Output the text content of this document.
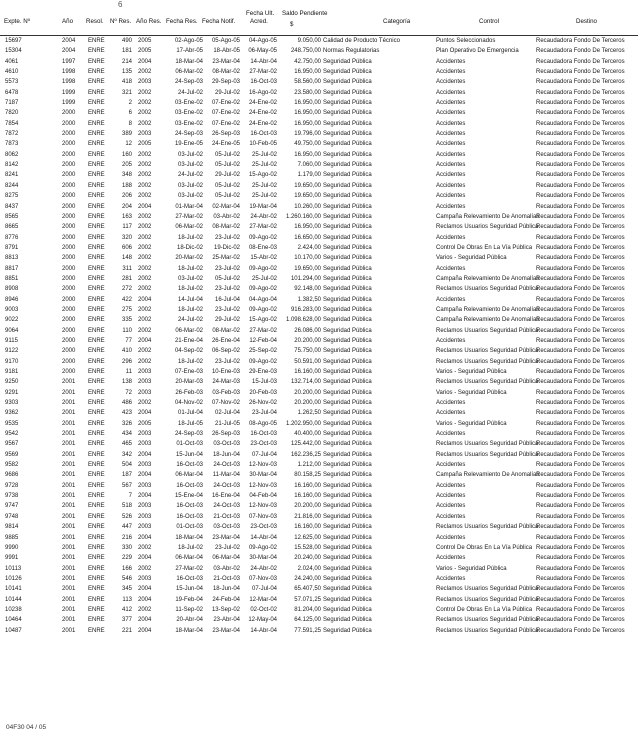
6
Expte. Nº	Año Resol. Nº Res. Año Res. Fecha Res. Fecha Notif.
Fecha Ult.
Acred.
Saldo Pendiente
$	Categoría	Control	Destino
15697	2004	ENRE	490 2005	02-Ago-05	05-Ago-05	04-Ago-05	9.050,00 Calidad de Producto Técnico	Puntos Seleccionados	Recaudadora Fondo De Terceros
15304	2004	ENRE	181 2005	17-Abr-05	18-Abr-05	06-May-05	248.750,00 Normas Regulatorias	Plan Operativo De Emergencia	Recaudadora Fondo De Terceros
4061	1997	ENRE	214 2004	18-Mar-04	23-Mar-04	14-Abr-04	42.750,00 Seguridad Pública	Accidentes	Recaudadora Fondo De Terceros
4610	1998	ENRE	135 2002	06-Mar-02	08-Mar-02	27-Mar-02	16.950,00 Seguridad Pública	Accidentes	Recaudadora Fondo De Terceros
5573	1998	ENRE	418 2003	24-Sep-03	29-Sep-03	16-Oct-03	58.560,00 Seguridad Pública	Accidentes	Recaudadora Fondo De Terceros
6478	1999	ENRE	321 2002	24-Jul-02	29-Jul-02	16-Ago-02	23.580,00 Seguridad Pública	Accidentes	Recaudadora Fondo De Terceros
7187	1999	ENRE	2 2002	03-Ene-02	07-Ene-02	24-Ene-02	16.950,00 Seguridad Pública	Accidentes	Recaudadora Fondo De Terceros
7820	2000	ENRE	6 2002	03-Ene-02	07-Ene-02	24-Ene-02	16.950,00 Seguridad Pública	Accidentes	Recaudadora Fondo De Terceros
7854	2000	ENRE	8 2002	03-Ene-02	07-Ene-02	24-Ene-02	16.950,00 Seguridad Pública	Accidentes	Recaudadora Fondo De Terceros
7872	2000	ENRE	389 2003	24-Sep-03	26-Sep-03	16-Oct-03	19.796,00 Seguridad Pública	Accidentes	Recaudadora Fondo De Terceros
7873	2000	ENRE	12 2005	19-Ene-05	24-Ene-05	10-Feb-05	49.750,00 Seguridad Pública	Accidentes	Recaudadora Fondo De Terceros
8062	2000	ENRE	160 2002	03-Jul-02	05-Jul-02	25-Jul-02	16.950,00 Seguridad Pública	Accidentes	Recaudadora Fondo De Terceros
8142	2000	ENRE	205 2002	03-Jul-02	05-Jul-02	25-Jul-02	7.060,00 Seguridad Pública	Accidentes	Recaudadora Fondo De Terceros
8241	2000	ENRE	348 2002	24-Jul-02	29-Jul-02	15-Ago-02	1.179,00 Seguridad Pública	Accidentes	Recaudadora Fondo De Terceros
8244	2000	ENRE	188 2002	03-Jul-02	05-Jul-02	25-Jul-02	19.650,00 Seguridad Pública	Accidentes	Recaudadora Fondo De Terceros
8275	2000	ENRE	206 2002	03-Jul-02	05-Jul-02	25-Jul-02	19.650,00 Seguridad Pública	Accidentes	Recaudadora Fondo De Terceros
8437	2000	ENRE	204 2004	01-Mar-04	02-Mar-04	19-Mar-04	10.260,00 Seguridad Pública	Accidentes	Recaudadora Fondo De Terceros
8565	2000	ENRE	163 2002	27-Mar-02	03-Abr-02	24-Abr-02	1.260.160,00 Seguridad Pública	Campaña Relevamiento De Anomalías
Recaudadora Fondo De Terceros
8665	2000	ENRE	117 2002	06-Mar-02	08-Mar-02	27-Mar-02	16.950,00 Seguridad Pública	Reclamos Usuarios Seguridad Pública
Recaudadora Fondo De Terceros
8776	2000	ENRE	320 2002	18-Jul-02	23-Jul-02	09-Ago-02	16.650,00 Seguridad Pública	Accidentes	Recaudadora Fondo De Terceros
8791	2000	ENRE	606 2002	18-Dic-02	19-Dic-02	08-Ene-03	2.424,00 Seguridad Pública	Control De Obras En La Vía Pública Recaudadora Fondo De Terceros
8813	2000	ENRE	148 2002	20-Mar-02	25-Mar-02	15-Abr-02	10.170,00 Seguridad Pública	Varios - Seguridad Pública	Recaudadora Fondo De Terceros
8817	2000	ENRE	311 2002	18-Jul-02	23-Jul-02	09-Ago-02	19.650,00 Seguridad Pública	Accidentes	Recaudadora Fondo De Terceros
8851	2000	ENRE	281 2002	03-Jul-02	05-Jul-02	25-Jul-02	101.294,00 Seguridad Pública	Campaña Relevamiento De Anomalías
Recaudadora Fondo De Terceros
8908	2000	ENRE	272 2002	18-Jul-02	23-Jul-02	09-Ago-02	92.148,00 Seguridad Pública	Reclamos Usuarios Seguridad Pública
Recaudadora Fondo De Terceros
8946	2000	ENRE	422 2004	14-Jul-04	16-Jul-04	04-Ago-04	1.382,50 Seguridad Pública	Accidentes	Recaudadora Fondo De Terceros
9003	2000	ENRE	275 2002	18-Jul-02	23-Jul-02	09-Ago-02	916.283,00 Seguridad Pública	Campaña Relevamiento De Anomalías
Recaudadora Fondo De Terceros
9022	2000	ENRE	335 2002	24-Jul-02	29-Jul-02	15-Ago-02	1.098.628,00 Seguridad Pública	Campaña Relevamiento De Anomalías
Recaudadora Fondo De Terceros
9064	2000	ENRE	110 2002	06-Mar-02	08-Mar-02	27-Mar-02	26.086,00 Seguridad Pública	Reclamos Usuarios Seguridad Pública
Recaudadora Fondo De Terceros
9115	2000	ENRE	77 2004	21-Ene-04	26-Ene-04	12-Feb-04	20.200,00 Seguridad Pública	Accidentes	Recaudadora Fondo De Terceros
9122	2000	ENRE	410 2002	04-Sep-02	06-Sep-02	25-Sep-02	75.750,00 Seguridad Pública	Reclamos Usuarios Seguridad Pública
Recaudadora Fondo De Terceros
9170	2000	ENRE	296 2002	18-Jul-02	23-Jul-02	09-Ago-02	50.591,00 Seguridad Pública	Reclamos Usuarios Seguridad Pública
Recaudadora Fondo De Terceros
9181	2000	ENRE	11 2003	07-Ene-03	10-Ene-03	29-Ene-03	16.160,00 Seguridad Pública	Varios - Seguridad Pública	Recaudadora Fondo De Terceros
9250	2001	ENRE	138 2003	20-Mar-03	24-Mar-03	15-Jul-03	132.714,00 Seguridad Pública	Reclamos Usuarios Seguridad Pública
Recaudadora Fondo De Terceros
9291	2001	ENRE	72 2003	26-Feb-03	03-Feb-03	20-Feb-03	20.200,00 Seguridad Pública	Varios - Seguridad Pública	Recaudadora Fondo De Terceros
9303	2001	ENRE	486 2002	04-Nov-02	07-Nov-02	26-Nov-02	20.200,00 Seguridad Pública	Accidentes	Recaudadora Fondo De Terceros
9362	2001	ENRE	423 2004	01-Jul-04	02-Jul-04	23-Jul-04	1.262,50 Seguridad Pública	Accidentes	Recaudadora Fondo De Terceros
9535	2001	ENRE	326 2005	18-Jul-05	21-Jul-05	08-Ago-05	1.202.950,00 Seguridad Pública	Varios - Seguridad Pública	Recaudadora Fondo De Terceros
9542	2001	ENRE	434 2003	24-Sep-03	26-Sep-03	16-Oct-03	40.400,00 Seguridad Pública	Accidentes	Recaudadora Fondo De Terceros
9567	2001	ENRE	465 2003	01-Oct-03	03-Oct-03	23-Oct-03	125.442,00 Seguridad Pública	Reclamos Usuarios Seguridad Pública
Recaudadora Fondo De Terceros
9569	2001	ENRE	342 2004	15-Jun-04	18-Jun-04	07-Jul-04	162.236,25 Seguridad Pública	Reclamos Usuarios Seguridad Pública
Recaudadora Fondo De Terceros
9582	2001	ENRE	504 2003	16-Oct-03	24-Oct-03	12-Nov-03	1.212,00 Seguridad Pública	Accidentes	Recaudadora Fondo De Terceros
9686	2001	ENRE	187 2004	06-Mar-04	11-Mar-04	30-Mar-04	80.158,25 Seguridad Pública	Campaña Relevamiento De Anomalías
Recaudadora Fondo De Terceros
9728	2001	ENRE	567 2003	16-Oct-03	24-Oct-03	12-Nov-03	16.160,00 Seguridad Pública	Accidentes	Recaudadora Fondo De Terceros
9738	2001	ENRE	7 2004	15-Ene-04	16-Ene-04	04-Feb-04	16.160,00 Seguridad Pública	Accidentes	Recaudadora Fondo De Terceros
9747	2001	ENRE	518 2003	16-Oct-03	24-Oct-03	12-Nov-03	20.200,00 Seguridad Pública	Accidentes	Recaudadora Fondo De Terceros
9748	2001	ENRE	526 2003	16-Oct-03	21-Oct-03	07-Nov-03	21.816,00 Seguridad Pública	Accidentes	Recaudadora Fondo De Terceros
9814	2001	ENRE	447 2003	01-Oct-03	03-Oct-03	23-Oct-03	16.160,00 Seguridad Pública	Reclamos Usuarios Seguridad Pública
Recaudadora Fondo De Terceros
9885	2001	ENRE	216 2004	18-Mar-04	23-Mar-04	14-Abr-04	12.625,00 Seguridad Pública	Accidentes	Recaudadora Fondo De Terceros
9990	2001	ENRE	330 2002	18-Jul-02	23-Jul-02	09-Ago-02	15.528,00 Seguridad Pública	Control De Obras En La Vía Pública Recaudadora Fondo De Terceros
9991	2001	ENRE	229 2004	06-Mar-04	06-Mar-04	30-Mar-04	20.240,00 Seguridad Pública	Accidentes	Recaudadora Fondo De Terceros
10113	2001	ENRE	166 2002	27-Mar-02	03-Abr-02	24-Abr-02	2.024,00 Seguridad Pública	Varios - Seguridad Pública	Recaudadora Fondo De Terceros
10126	2001	ENRE	546 2003	16-Oct-03	21-Oct-03	07-Nov-03	24.240,00 Seguridad Pública	Accidentes	Recaudadora Fondo De Terceros
10141	2001	ENRE	345 2004	15-Jun-04	18-Jun-04	07-Jul-04	65.407,50 Seguridad Pública	Reclamos Usuarios Seguridad Pública
Recaudadora Fondo De Terceros
10144	2001	ENRE	113 2004	19-Feb-04	24-Feb-04	12-Mar-04	57.071,25 Seguridad Pública	Reclamos Usuarios Seguridad Pública
Recaudadora Fondo De Terceros
10238	2001	ENRE	412 2002	11-Sep-02	13-Sep-02	02-Oct-02	81.204,00 Seguridad Pública	Control De Obras En La Vía Pública Recaudadora Fondo De Terceros
10464	2001	ENRE	377 2004	20-Abr-04	23-Abr-04	12-May-04	64.125,00 Seguridad Pública	Reclamos Usuarios Seguridad Pública
Recaudadora Fondo De Terceros
10487	2001	ENRE	221 2004	18-Mar-04	23-Mar-04	14-Abr-04	77.591,25 Seguridad Pública	Reclamos Usuarios Seguridad Pública
Recaudadora Fondo De Terceros
04F30 04 / 05
